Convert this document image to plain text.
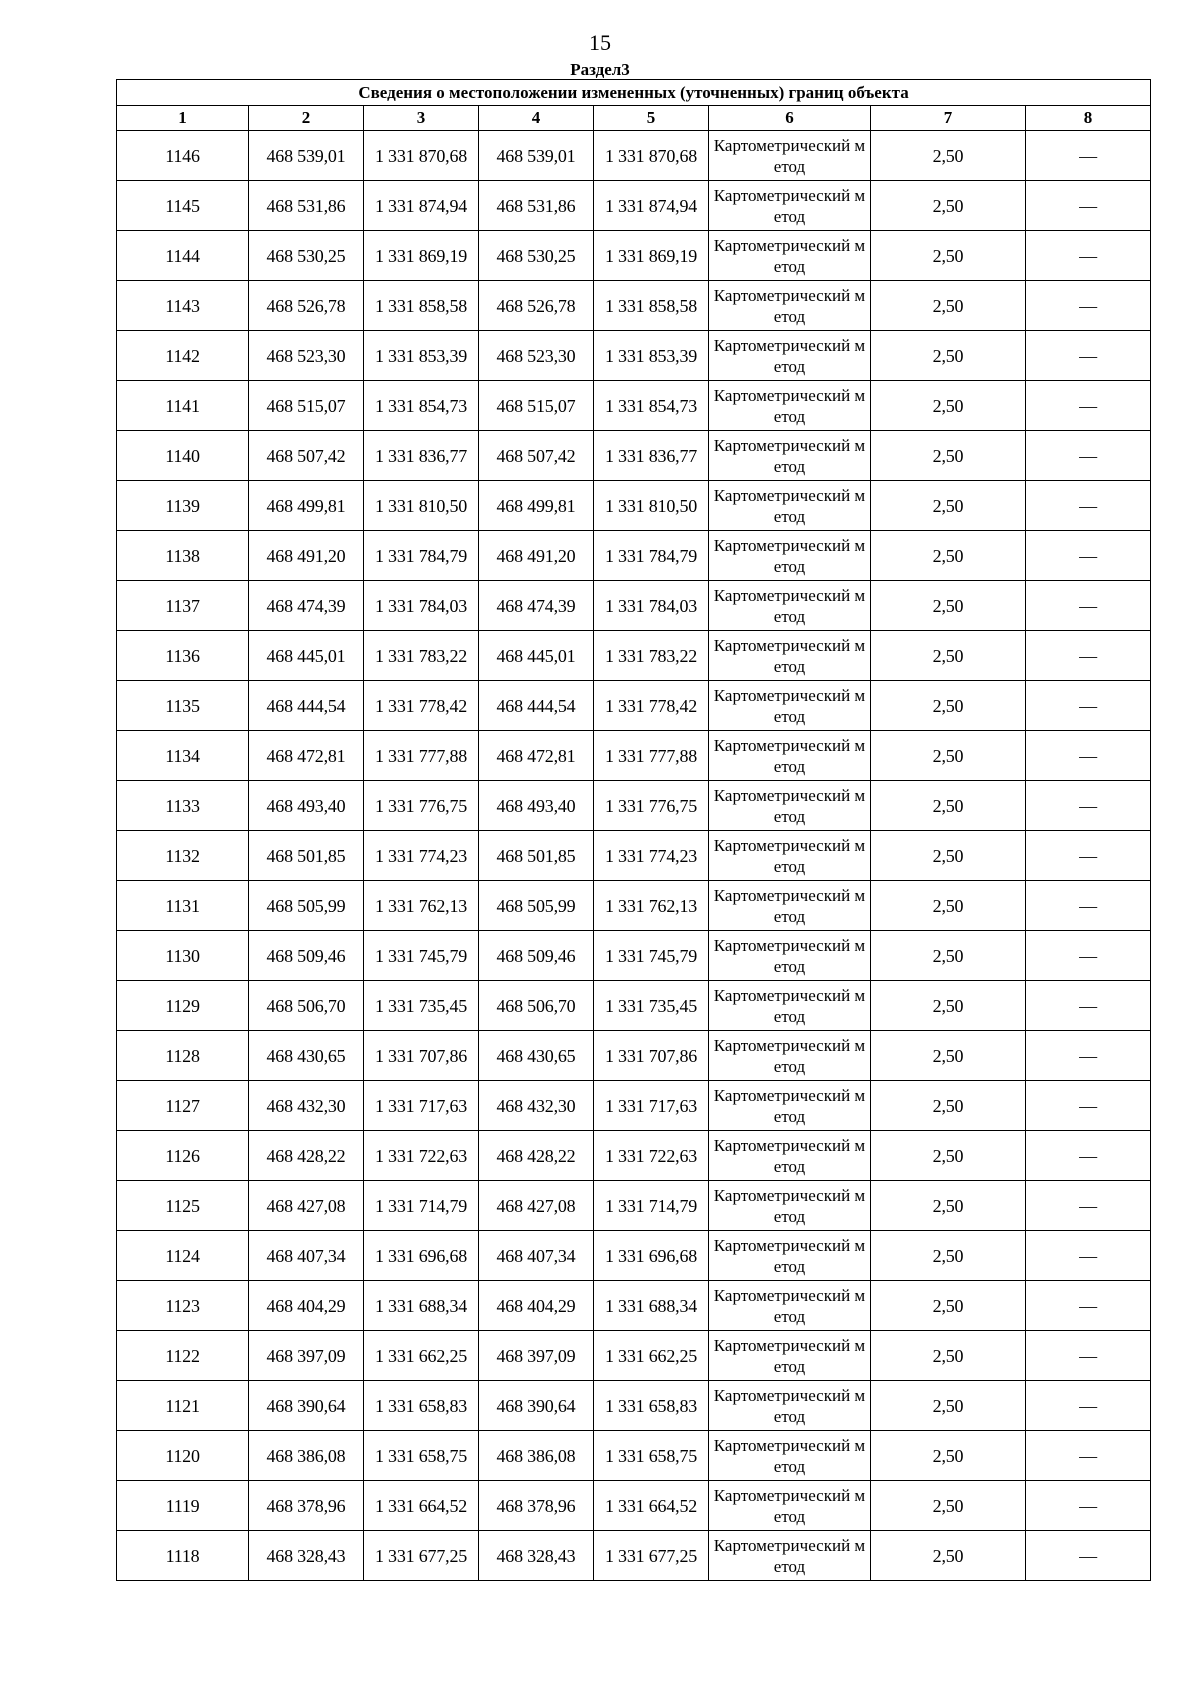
15
Раздел3
Сведения о местоположении измененных (уточненных) границ объекта							
1	2	3	4	5	6	7	8
1146	468 539,01	1 331 870,68	468 539,01	1 331 870,68	Картометрический метод	2,50	—
1145	468 531,86	1 331 874,94	468 531,86	1 331 874,94	Картометрический метод	2,50	—
1144	468 530,25	1 331 869,19	468 530,25	1 331 869,19	Картометрический метод	2,50	—
1143	468 526,78	1 331 858,58	468 526,78	1 331 858,58	Картометрический метод	2,50	—
1142	468 523,30	1 331 853,39	468 523,30	1 331 853,39	Картометрический метод	2,50	—
1141	468 515,07	1 331 854,73	468 515,07	1 331 854,73	Картометрический метод	2,50	—
1140	468 507,42	1 331 836,77	468 507,42	1 331 836,77	Картометрический метод	2,50	—
1139	468 499,81	1 331 810,50	468 499,81	1 331 810,50	Картометрический метод	2,50	—
1138	468 491,20	1 331 784,79	468 491,20	1 331 784,79	Картометрический метод	2,50	—
1137	468 474,39	1 331 784,03	468 474,39	1 331 784,03	Картометрический метод	2,50	—
1136	468 445,01	1 331 783,22	468 445,01	1 331 783,22	Картометрический метод	2,50	—
1135	468 444,54	1 331 778,42	468 444,54	1 331 778,42	Картометрический метод	2,50	—
1134	468 472,81	1 331 777,88	468 472,81	1 331 777,88	Картометрический метод	2,50	—
1133	468 493,40	1 331 776,75	468 493,40	1 331 776,75	Картометрический метод	2,50	—
1132	468 501,85	1 331 774,23	468 501,85	1 331 774,23	Картометрический метод	2,50	—
1131	468 505,99	1 331 762,13	468 505,99	1 331 762,13	Картометрический метод	2,50	—
1130	468 509,46	1 331 745,79	468 509,46	1 331 745,79	Картометрический метод	2,50	—
1129	468 506,70	1 331 735,45	468 506,70	1 331 735,45	Картометрический метод	2,50	—
1128	468 430,65	1 331 707,86	468 430,65	1 331 707,86	Картометрический метод	2,50	—
1127	468 432,30	1 331 717,63	468 432,30	1 331 717,63	Картометрический метод	2,50	—
1126	468 428,22	1 331 722,63	468 428,22	1 331 722,63	Картометрический метод	2,50	—
1125	468 427,08	1 331 714,79	468 427,08	1 331 714,79	Картометрический метод	2,50	—
1124	468 407,34	1 331 696,68	468 407,34	1 331 696,68	Картометрический метод	2,50	—
1123	468 404,29	1 331 688,34	468 404,29	1 331 688,34	Картометрический метод	2,50	—
1122	468 397,09	1 331 662,25	468 397,09	1 331 662,25	Картометрический метод	2,50	—
1121	468 390,64	1 331 658,83	468 390,64	1 331 658,83	Картометрический метод	2,50	—
1120	468 386,08	1 331 658,75	468 386,08	1 331 658,75	Картометрический метод	2,50	—
1119	468 378,96	1 331 664,52	468 378,96	1 331 664,52	Картометрический метод	2,50	—
1118	468 328,43	1 331 677,25	468 328,43	1 331 677,25	Картометрический метод	2,50	—
